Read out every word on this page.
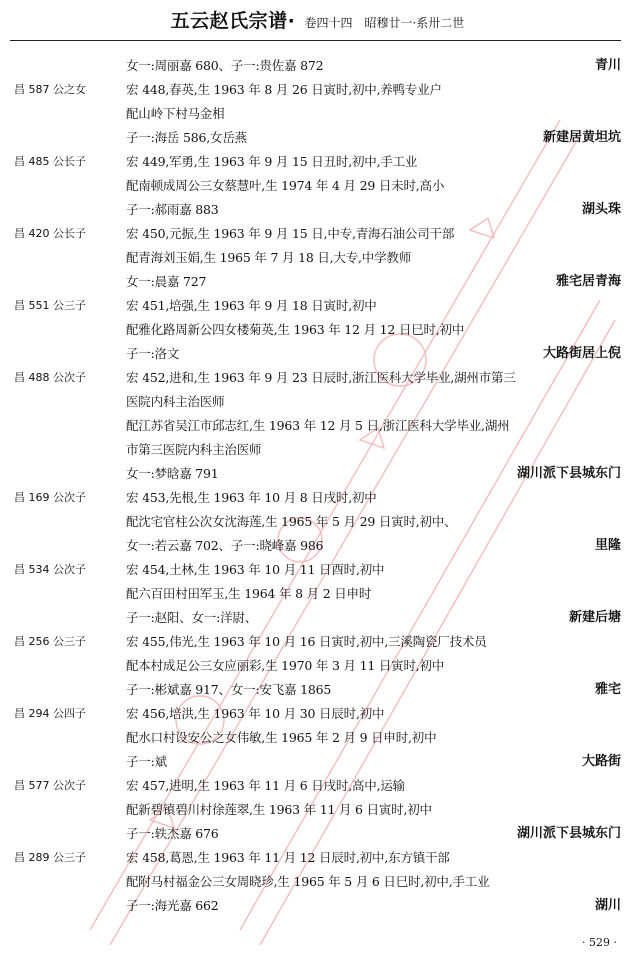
五云赵氏宗谱· 卷四十四　昭穆廿一·系卅二世
女一:周丽嘉 680、子一:贵佐嘉 872	青川
昌 587 公之女	宏 448,春英,生 1963 年 8 月 26 日寅时,初中,养鸭专业户
配山岭下村马金相
子一:海岳 586,女岳燕	新建居黄坦坑
昌 485 公长子	宏 449,军勇,生 1963 年 9 月 15 日丑时,初中,手工业
配南顿成周公三女蔡慧叶,生 1974 年 4 月 29 日未时,高小
子一:郝雨嘉 883	湖头珠
昌 420 公长子	宏 450,元振,生 1963 年 9 月 15 日,中专,青海石油公司干部
配青海刘玉娟,生 1965 年 7 月 18 日,大专,中学教师
女一:晨嘉 727	雅宅居青海
昌 551 公三子	宏 451,培强,生 1963 年 9 月 18 日寅时,初中
配雅化路周新公四女楼菊英,生 1963 年 12 月 12 日巳时,初中
子一:洛文	大路街居上倪
昌 488 公次子	宏 452,进和,生 1963 年 9 月 23 日辰时,浙江医科大学毕业,湖州市第三
医院内科主治医师
配江苏省吴江市邱志红,生 1963 年 12 月 5 日,浙江医科大学毕业,湖州
市第三医院内科主治医师
女一:梦晗嘉 791	湖川派下县城东门
昌 169 公次子	宏 453,先根,生 1963 年 10 月 8 日戌时,初中
配沈宅官柱公次女沈海莲,生 1965 年 5 月 29 日寅时,初中、
女一:若云嘉 702、子一:晓峰嘉 986	里隆
昌 534 公次子	宏 454,土林,生 1963 年 10 月 11 日酉时,初中
配六百田村田军玉,生 1964 年 8 月 2 日申时
子一:赵阳、女一:洋尉、	新建后塘
昌 256 公三子	宏 455,伟光,生 1963 年 10 月 16 日寅时,初中,三溪陶瓷厂技术员
配本村成足公三女应丽彩,生 1970 年 3 月 11 日寅时,初中
子一:彬斌嘉 917、女一:安飞嘉 1865	雅宅
昌 294 公四子	宏 456,培洪,生 1963 年 10 月 30 日辰时,初中
配水口村设安公之女伟敏,生 1965 年 2 月 9 日申时,初中
子一:斌	大路街
昌 577 公次子	宏 457,进明,生 1963 年 11 月 6 日戌时,高中,运输
配新碧镇碧川村徐莲翠,生 1963 年 11 月 6 日寅时,初中
子一:轶杰嘉 676	湖川派下县城东门
昌 289 公三子	宏 458,葛恩,生 1963 年 11 月 12 日辰时,初中,东方镇干部
配附马村福金公三女周晓珍,生 1965 年 5 月 6 日巳时,初中,手工业
子一:海光嘉 662	湖川
· 529 ·
